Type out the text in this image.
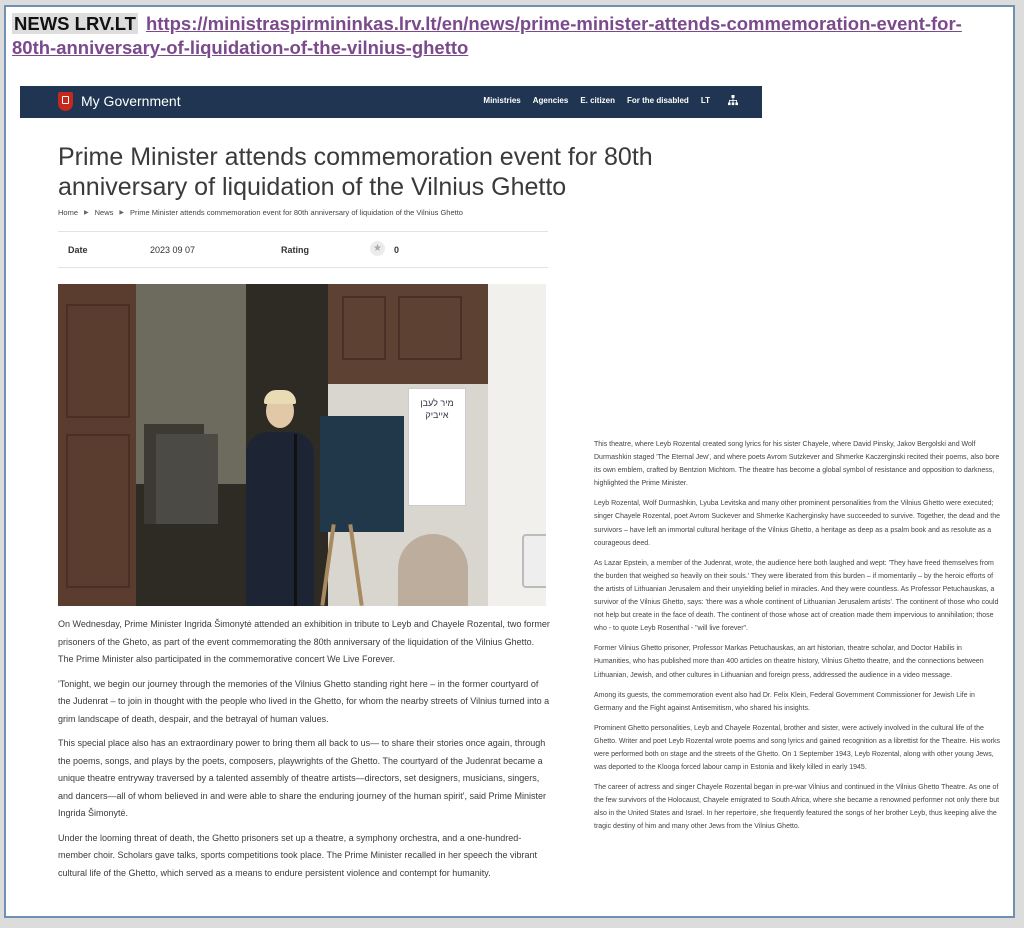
NEWS LRV.LT https://ministraspirmininkas.lrv.lt/en/news/prime-minister-attends-commemoration-event-for-80th-anniversary-of-liquidation-of-the-vilnius-ghetto
My Government	Ministries Agencies E. citizen For the disabled LT
Prime Minister attends commemoration event for 80th anniversary of liquidation of the Vilnius Ghetto
Home ▶ News ▶ Prime Minister attends commemoration event for 80th anniversary of liquidation of the Vilnius Ghetto
Date	2023 09 07	Rating	★	0
מיר לעבן אייביק

On Wednesday, Prime Minister Ingrida Šimonytė attended an exhibition in tribute to Leyb and Chayele Rozental, two former prisoners of the Gheto, as part of the event commemorating the 80th anniversary of the liquidation of the Vilnius Ghetto. The Prime Minister also participated in the commemorative concert We Live Forever.

'Tonight, we begin our journey through the memories of the Vilnius Ghetto standing right here – in the former courtyard of the Judenrat – to join in thought with the people who lived in the Ghetto, for whom the nearby streets of Vilnius turned into a grim landscape of death, despair, and the betrayal of human values.

This special place also has an extraordinary power to bring them all back to us— to share their stories once again, through the poems, songs, and plays by the poets, composers, playwrights of the Ghetto. The courtyard of the Judenrat became a unique theatre entryway traversed by a talented assembly of theatre artists—directors, set designers, musicians, singers, and dancers—all of whom believed in and were able to share the enduring journey of the human spirit', said Prime Minister Ingrida Šimonytė.

Under the looming threat of death, the Ghetto prisoners set up a theatre, a symphony orchestra, and a one-hundred-member choir. Scholars gave talks, sports competitions took place. The Prime Minister recalled in her speech the vibrant cultural life of the Ghetto, which served as a means to endure persistent violence and contempt for humanity.

This theatre, where Leyb Rozental created song lyrics for his sister Chayele, where David Pinsky, Jakov Bergolski and Wolf Durmashkin staged 'The Eternal Jew', and where poets Avrom Sutzkever and Shmerke Kaczerginski recited their poems, also bore its own emblem, crafted by Bentzion Michtom. The theatre has become a global symbol of resistance and opposition to darkness, highlighted the Prime Minister.

Leyb Rozental, Wolf Durmashkin, Lyuba Levitska and many other prominent personalities from the Vilnius Ghetto were executed; singer Chayele Rozental, poet Avrom Suckever and Shmerke Kacherginsky have succeeded to survive. Together, the dead and the survivors – have left an immortal cultural heritage of the Vilnius Ghetto, a heritage as deep as a psalm book and as resolute as a courageous deed.

As Lazar Epstein, a member of the Judenrat, wrote, the audience here both laughed and wept: 'They have freed themselves from the burden that weighed so heavily on their souls.' They were liberated from this burden – if momentarily – by the heroic efforts of the artists of Lithuanian Jerusalem and their unyielding belief in miracles. And they were countless. As Professor Petuchauskas, a survivor of the Vilnius Ghetto, says: 'there was a whole continent of Lithuanian Jerusalem artists'. The continent of those who could not help but create in the face of death. The continent of those whose act of creation made them impervious to annihilation; those who - to quote Leyb Rosenthal - "will live forever".

Former Vilnius Ghetto prisoner, Professor Markas Petuchauskas, an art historian, theatre scholar, and Doctor Habilis in Humanities, who has published more than 400 articles on theatre history, Vilnius Ghetto theatre, and the connections between Lithuanian, Jewish, and other cultures in Lithuanian and foreign press, addressed the audience in a video message.

Among its guests, the commemoration event also had Dr. Felix Klein, Federal Government Commissioner for Jewish Life in Germany and the Fight against Antisemitism, who shared his insights.

Prominent Ghetto personalities, Leyb and Chayele Rozental, brother and sister, were actively involved in the cultural life of the Ghetto. Writer and poet Leyb Rozental wrote poems and song lyrics and gained recognition as a librettist for the Theatre. His works were performed both on stage and the streets of the Ghetto. On 1 September 1943, Leyb Rozental, along with other young Jews, was deported to the Klooga forced labour camp in Estonia and likely killed in early 1945.

The career of actress and singer Chayele Rozental began in pre-war Vilnius and continued in the Vilnius Ghetto Theatre. As one of the few survivors of the Holocaust, Chayele emigrated to South Africa, where she became a renowned performer not only there but also in the United States and Israel. In her repertoire, she frequently featured the songs of her brother Leyb, thus keeping alive the tragic destiny of him and many other Jews from the Vilnius Ghetto.
